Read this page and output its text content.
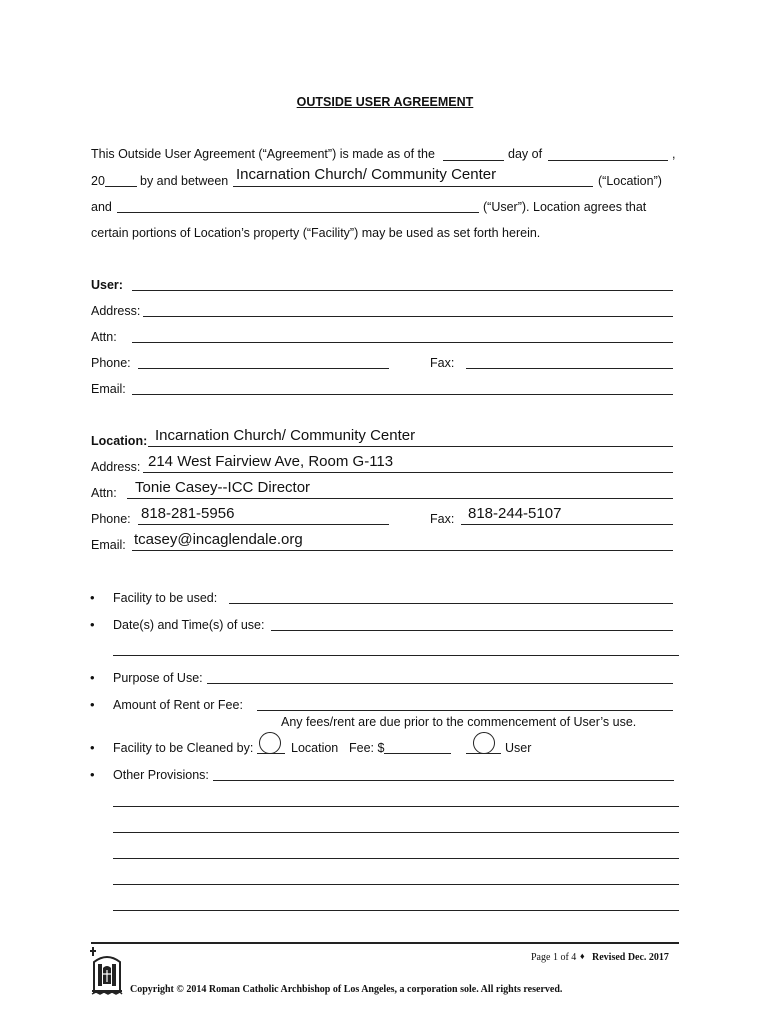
OUTSIDE USER AGREEMENT
This Outside User Agreement (“Agreement”) is made as of the	day of	,
20	by and between Incarnation Church/ Community Center	(“Location”)
and	(“User”). Location agrees that
certain portions of Location’s property (“Facility”) may be used as set forth herein.
User:
Address:
Attn:
Phone:	Fax:
Email:
Location: Incarnation Church/ Community Center
Address: 214 West Fairview Ave, Room G-113
Attn: Tonie Casey--ICC Director
Phone: 818-281-5956	Fax: 818-244-5107
Email: tcasey@incaglendale.org
• Facility to be used:
• Date(s) and Time(s) of use:
• Purpose of Use:
• Amount of Rent or Fee:
Any fees/rent are due prior to the commencement of User’s use.
• Facility to be Cleaned by:	Location Fee: $	User
• Other Provisions:
Page 1 of 4 ♦ Revised Dec. 2017
Copyright © 2014 Roman Catholic Archbishop of Los Angeles, a corporation sole. All rights reserved.
